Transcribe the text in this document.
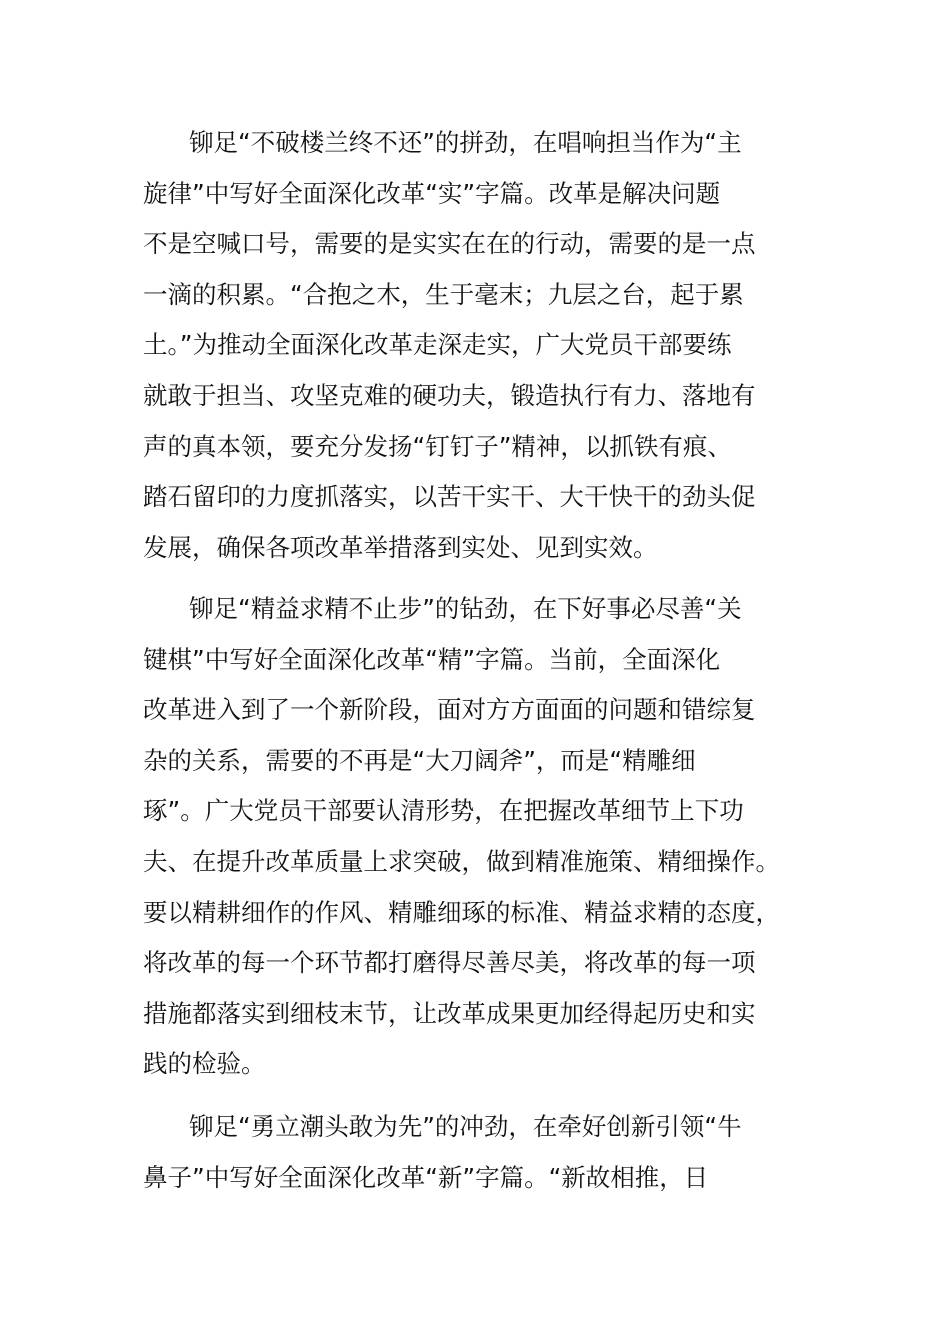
铆足“不破楼兰终不还”的拼劲，在唱响担当作为“主
旋律”中写好全面深化改革“实”字篇。改革是解决问题
不是空喊口号，需要的是实实在在的行动，需要的是一点
一滴的积累。“合抱之木，生于毫末；九层之台，起于累
土。”为推动全面深化改革走深走实，广大党员干部要练
就敢于担当、攻坚克难的硬功夫，锻造执行有力、落地有
声的真本领，要充分发扬“钉钉子”精神，以抓铁有痕、
踏石留印的力度抓落实，以苦干实干、大干快干的劲头促
发展，确保各项改革举措落到实处、见到实效。
铆足“精益求精不止步”的钻劲，在下好事必尽善“关
键棋”中写好全面深化改革“精”字篇。当前，全面深化
改革进入到了一个新阶段，面对方方面面的问题和错综复
杂的关系，需要的不再是“大刀阔斧”，而是“精雕细
琢”。广大党员干部要认清形势，在把握改革细节上下功
夫、在提升改革质量上求突破，做到精准施策、精细操作。
要以精耕细作的作风、精雕细琢的标准、精益求精的态度，
将改革的每一个环节都打磨得尽善尽美，将改革的每一项
措施都落实到细枝末节，让改革成果更加经得起历史和实
践的检验。
铆足“勇立潮头敢为先”的冲劲，在牵好创新引领“牛
鼻子”中写好全面深化改革“新”字篇。“新故相推，日
